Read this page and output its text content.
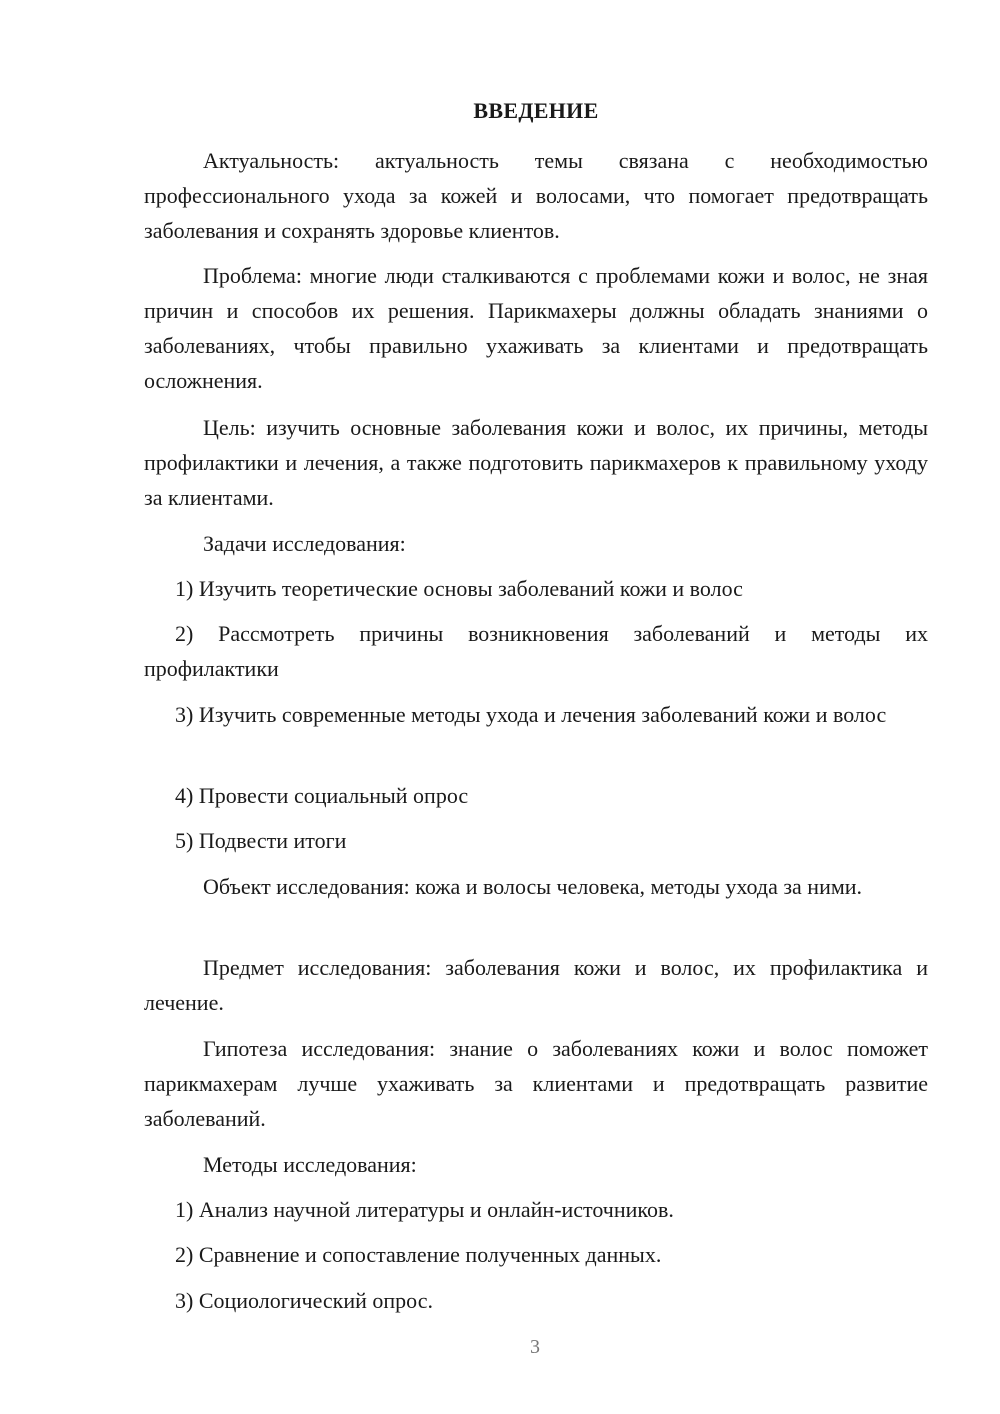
ВВЕДЕНИЕ
Актуальность: актуальность темы связана с необходимостью профессионального ухода за кожей и волосами, что помогает предотвращать заболевания и сохранять здоровье клиентов.
Проблема: многие люди сталкиваются с проблемами кожи и волос, не зная причин и способов их решения. Парикмахеры должны обладать знаниями о заболеваниях, чтобы правильно ухаживать за клиентами и предотвращать осложнения.
Цель: изучить основные заболевания кожи и волос, их причины, методы профилактики и лечения, а также подготовить парикмахеров к правильному уходу за клиентами.
Задачи исследования:
1) Изучить теоретические основы заболеваний кожи и волос
2) Рассмотреть причины возникновения заболеваний и методы их профилактики
3) Изучить современные методы ухода и лечения заболеваний кожи и волос
4) Провести социальный опрос
5) Подвести итоги
Объект исследования: кожа и волосы человека, методы ухода за ними.
Предмет исследования: заболевания кожи и волос, их профилактика и лечение.
Гипотеза исследования: знание о заболеваниях кожи и волос поможет парикмахерам лучше ухаживать за клиентами и предотвращать развитие заболеваний.
Методы исследования:
1) Анализ научной литературы и онлайн-источников.
2) Сравнение и сопоставление полученных данных.
3) Социологический опрос.
3
